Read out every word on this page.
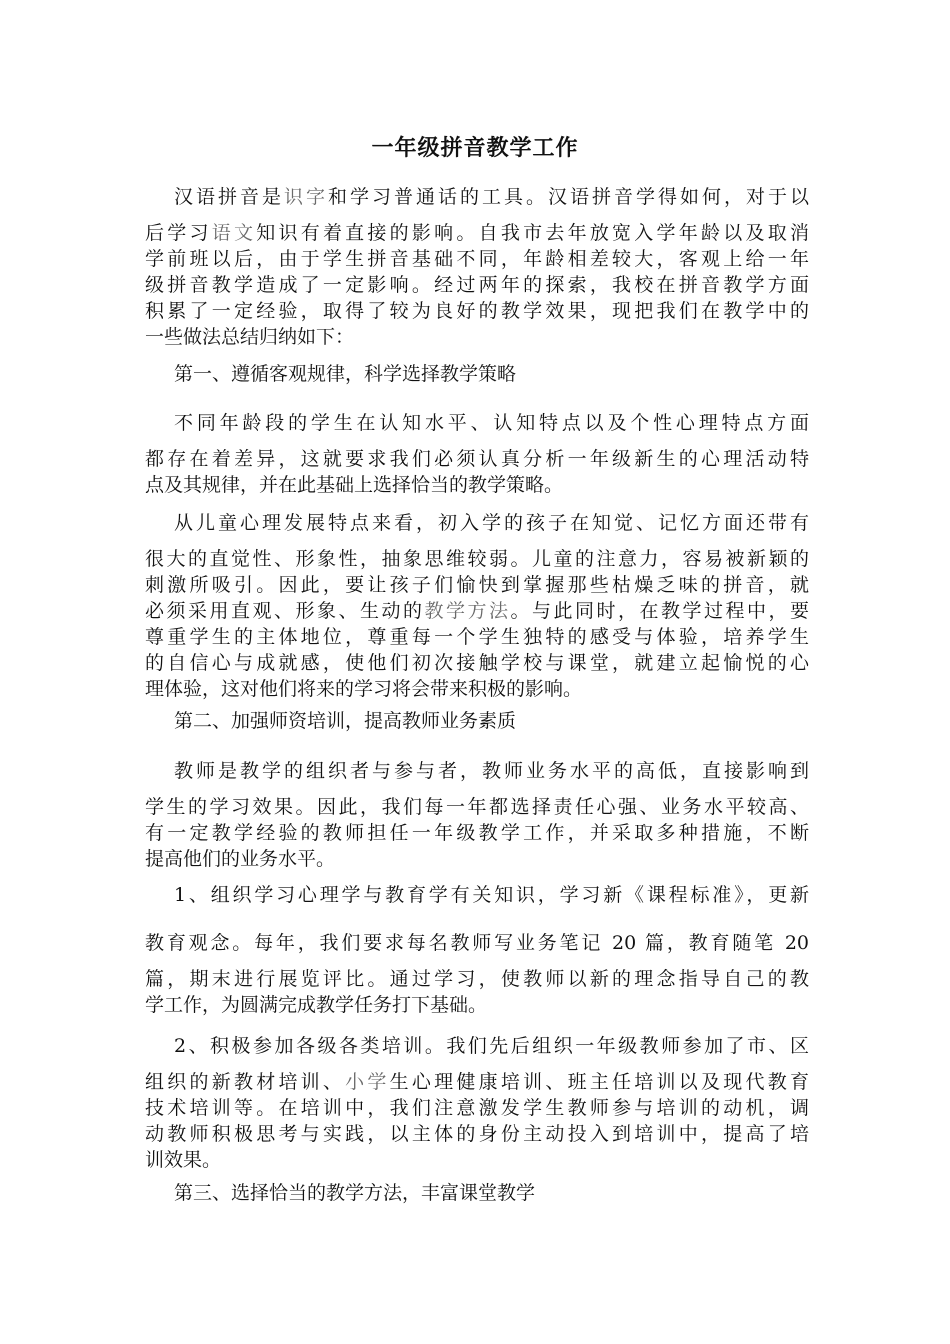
一年级拼音教学工作
汉语拼音是识字和学习普通话的工具。汉语拼音学得如何，对于以
后学习语文知识有着直接的影响。自我市去年放宽入学年龄以及取消
学前班以后，由于学生拼音基础不同，年龄相差较大，客观上给一年
级拼音教学造成了一定影响。经过两年的探索，我校在拼音教学方面
积累了一定经验，取得了较为良好的教学效果，现把我们在教学中的
一些做法总结归纳如下：
第一、遵循客观规律，科学选择教学策略
不同年龄段的学生在认知水平、认知特点以及个性心理特点方面
都存在着差异，这就要求我们必须认真分析一年级新生的心理活动特
点及其规律，并在此基础上选择恰当的教学策略。
从儿童心理发展特点来看，初入学的孩子在知觉、记忆方面还带有
很大的直觉性、形象性，抽象思维较弱。儿童的注意力，容易被新颖的
刺激所吸引。因此，要让孩子们愉快到掌握那些枯燥乏味的拼音，就
必须采用直观、形象、生动的教学方法。与此同时，在教学过程中，要
尊重学生的主体地位，尊重每一个学生独特的感受与体验，培养学生
的自信心与成就感，使他们初次接触学校与课堂，就建立起愉悦的心
理体验，这对他们将来的学习将会带来积极的影响。
第二、加强师资培训，提高教师业务素质
教师是教学的组织者与参与者，教师业务水平的高低，直接影响到
学生的学习效果。因此，我们每一年都选择责任心强、业务水平较高、
有一定教学经验的教师担任一年级教学工作，并采取多种措施，不断
提高他们的业务水平。
1、组织学习心理学与教育学有关知识，学习新《课程标准》，更新
教育观念。每年，我们要求每名教师写业务笔记 20 篇，教育随笔 20
篇，期末进行展览评比。通过学习，使教师以新的理念指导自己的教
学工作，为圆满完成教学任务打下基础。
2、积极参加各级各类培训。我们先后组织一年级教师参加了市、区
组织的新教材培训、小学生心理健康培训、班主任培训以及现代教育
技术培训等。在培训中，我们注意激发学生教师参与培训的动机，调
动教师积极思考与实践，以主体的身份主动投入到培训中，提高了培
训效果。
第三、选择恰当的教学方法，丰富课堂教学
